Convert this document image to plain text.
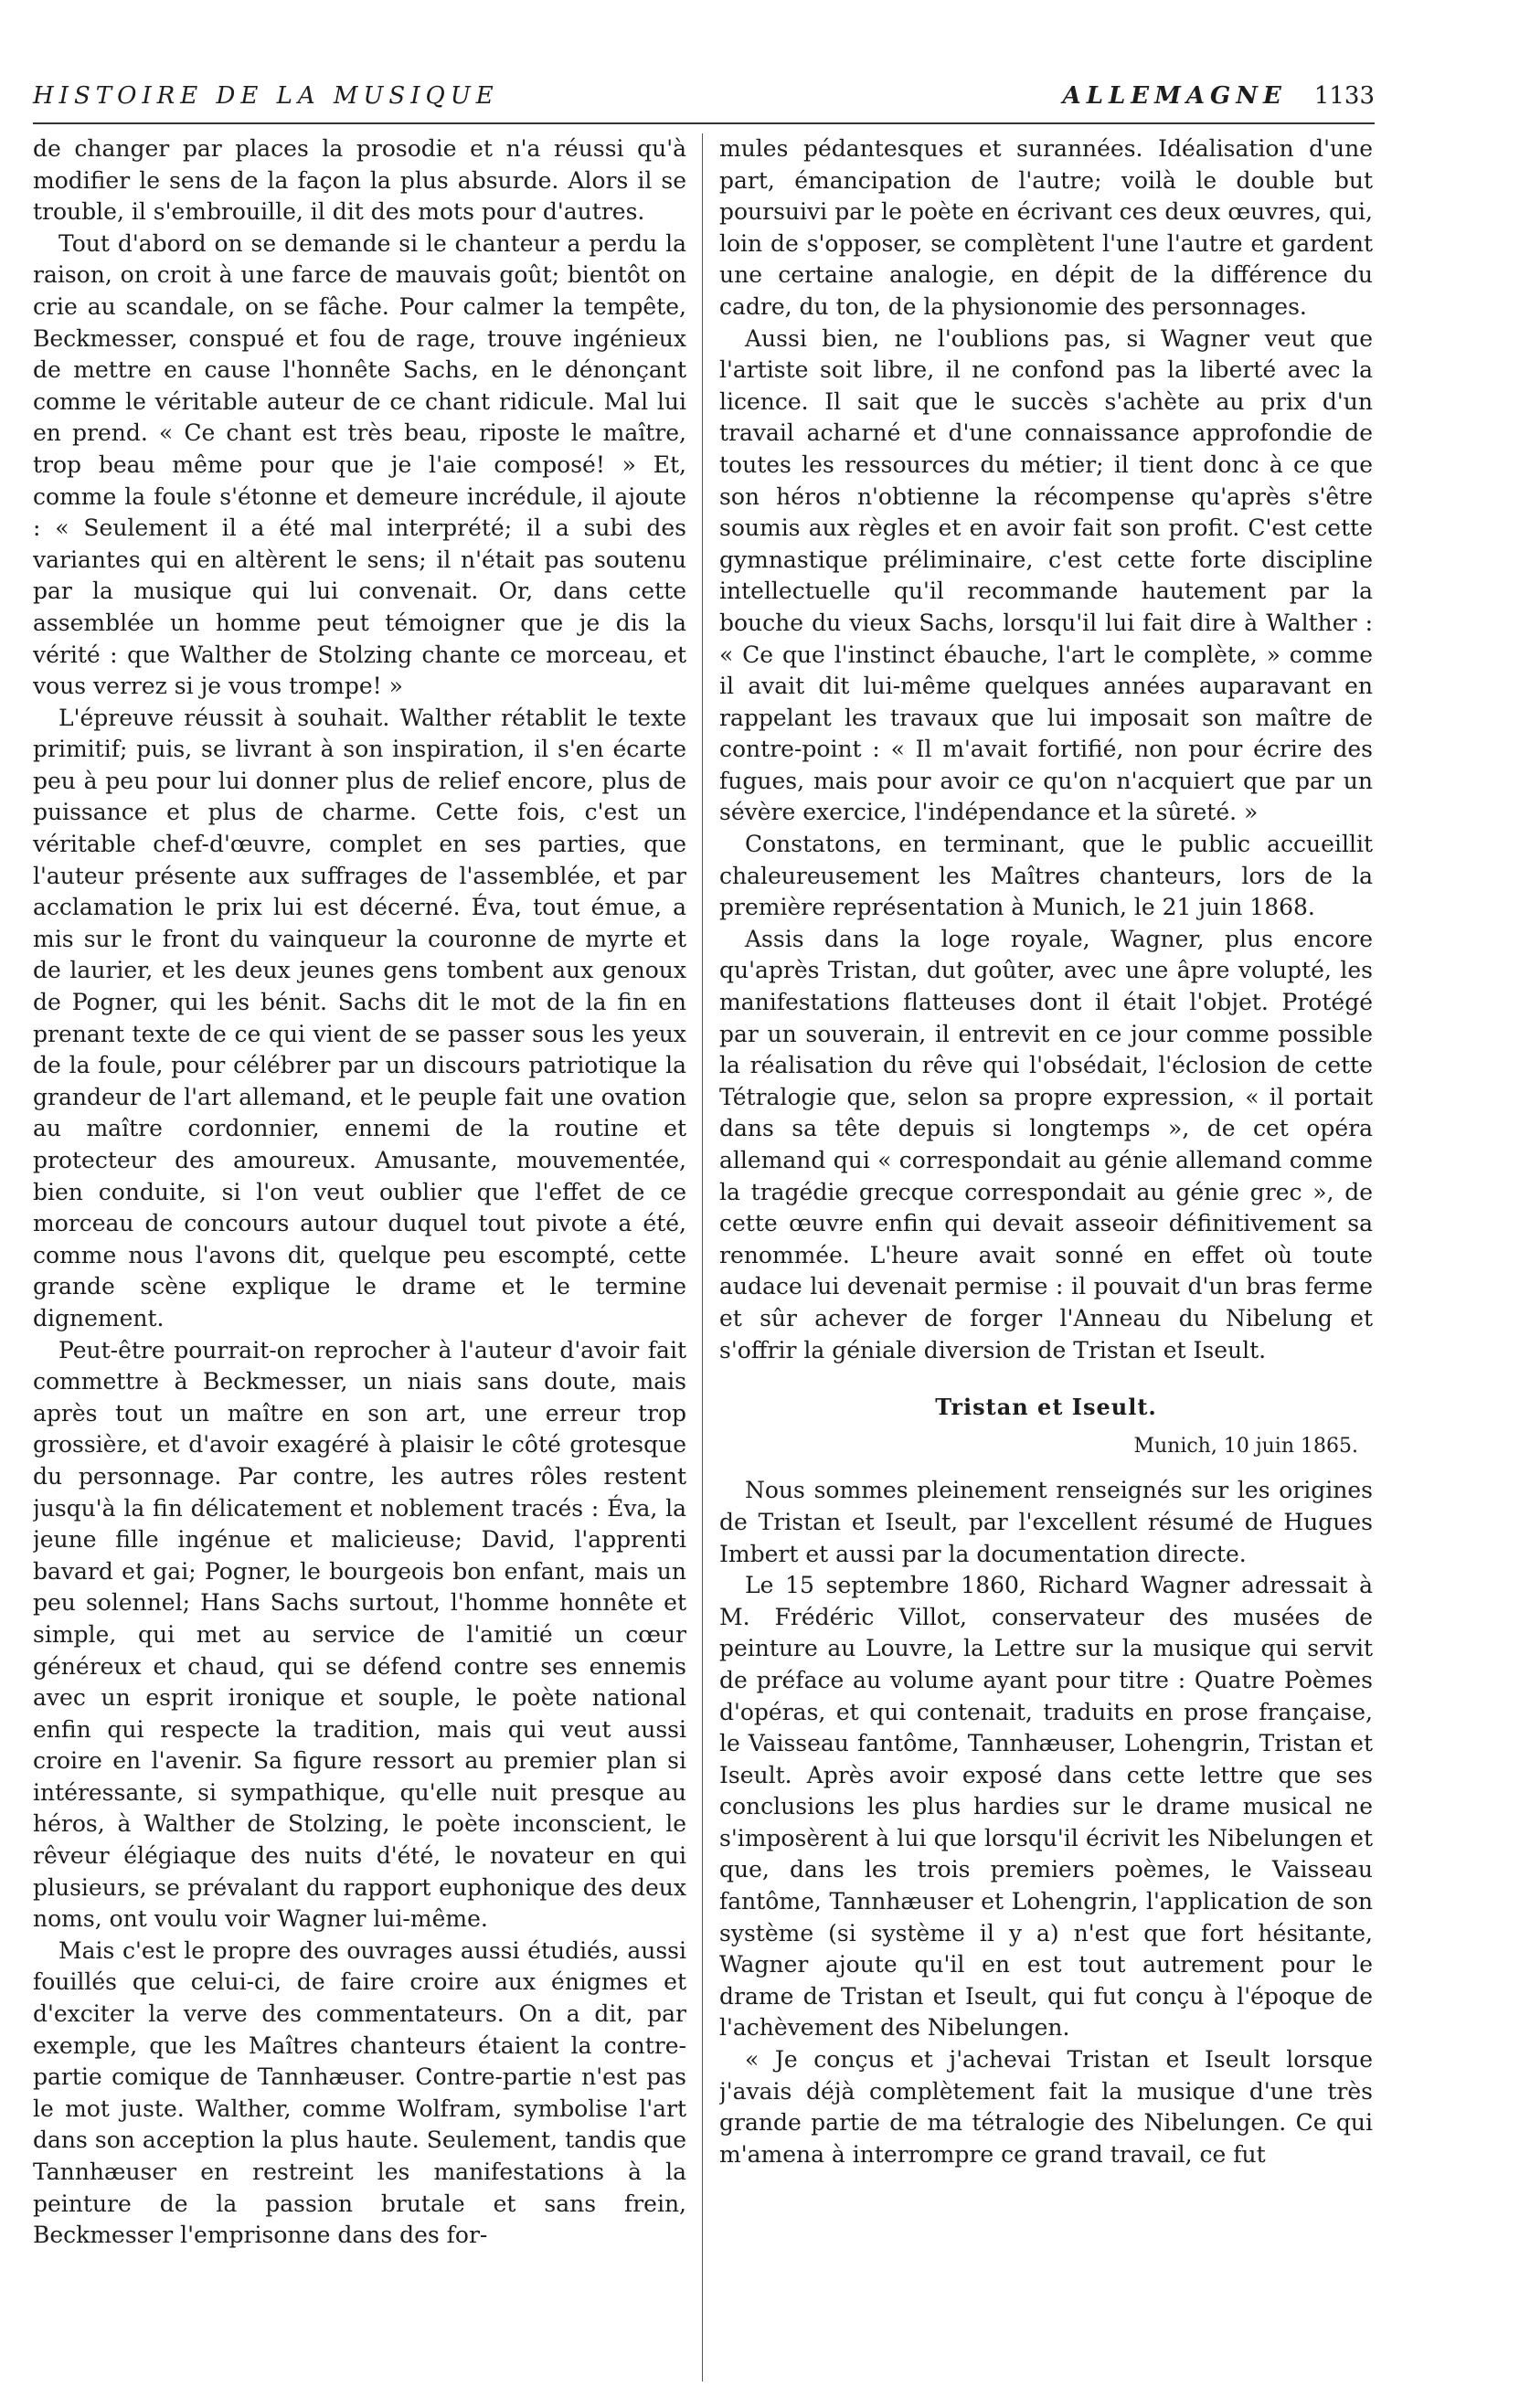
HISTOIRE DE LA MUSIQUE	ALLEMAGNE 1133

de changer par places la prosodie et n'a réussi qu'à modifier le sens de la façon la plus absurde. Alors il se trouble, il s'embrouille, il dit des mots pour d'autres.

Tout d'abord on se demande si le chanteur a perdu la raison, on croit à une farce de mauvais goût; bientôt on crie au scandale, on se fâche. Pour calmer la tempête, Beckmesser, conspué et fou de rage, trouve ingénieux de mettre en cause l'honnête Sachs, en le dénonçant comme le véritable auteur de ce chant ridicule. Mal lui en prend. « Ce chant est très beau, riposte le maître, trop beau même pour que je l'aie composé! » Et, comme la foule s'étonne et demeure incrédule, il ajoute : « Seulement il a été mal interprété; il a subi des variantes qui en altèrent le sens; il n'était pas soutenu par la musique qui lui convenait. Or, dans cette assemblée un homme peut témoigner que je dis la vérité : que Walther de Stolzing chante ce morceau, et vous verrez si je vous trompe! »

L'épreuve réussit à souhait. Walther rétablit le texte primitif; puis, se livrant à son inspiration, il s'en écarte peu à peu pour lui donner plus de relief encore, plus de puissance et plus de charme. Cette fois, c'est un véritable chef-d'œuvre, complet en ses parties, que l'auteur présente aux suffrages de l'assemblée, et par acclamation le prix lui est décerné. Éva, tout émue, a mis sur le front du vainqueur la couronne de myrte et de laurier, et les deux jeunes gens tombent aux genoux de Pogner, qui les bénit. Sachs dit le mot de la fin en prenant texte de ce qui vient de se passer sous les yeux de la foule, pour célébrer par un discours patriotique la grandeur de l'art allemand, et le peuple fait une ovation au maître cordonnier, ennemi de la routine et protecteur des amoureux. Amusante, mouvementée, bien conduite, si l'on veut oublier que l'effet de ce morceau de concours autour duquel tout pivote a été, comme nous l'avons dit, quelque peu escompté, cette grande scène explique le drame et le termine dignement.

Peut-être pourrait-on reprocher à l'auteur d'avoir fait commettre à Beckmesser, un niais sans doute, mais après tout un maître en son art, une erreur trop grossière, et d'avoir exagéré à plaisir le côté grotesque du personnage. Par contre, les autres rôles restent jusqu'à la fin délicatement et noblement tracés : Éva, la jeune fille ingénue et malicieuse; David, l'apprenti bavard et gai; Pogner, le bourgeois bon enfant, mais un peu solennel; Hans Sachs surtout, l'homme honnête et simple, qui met au service de l'amitié un cœur généreux et chaud, qui se défend contre ses ennemis avec un esprit ironique et souple, le poète national enfin qui respecte la tradition, mais qui veut aussi croire en l'avenir. Sa figure ressort au premier plan si intéressante, si sympathique, qu'elle nuit presque au héros, à Walther de Stolzing, le poète inconscient, le rêveur élégiaque des nuits d'été, le novateur en qui plusieurs, se prévalant du rapport euphonique des deux noms, ont voulu voir Wagner lui-même.

Mais c'est le propre des ouvrages aussi étudiés, aussi fouillés que celui-ci, de faire croire aux énigmes et d'exciter la verve des commentateurs. On a dit, par exemple, que les Maîtres chanteurs étaient la contre-partie comique de Tannhæuser. Contre-partie n'est pas le mot juste. Walther, comme Wolfram, symbolise l'art dans son acception la plus haute. Seulement, tandis que Tannhæuser en restreint les manifestations à la peinture de la passion brutale et sans frein, Beckmesser l'emprisonne dans des for-

mules pédantesques et surannées. Idéalisation d'une part, émancipation de l'autre; voilà le double but poursuivi par le poète en écrivant ces deux œuvres, qui, loin de s'opposer, se complètent l'une l'autre et gardent une certaine analogie, en dépit de la différence du cadre, du ton, de la physionomie des personnages.

Aussi bien, ne l'oublions pas, si Wagner veut que l'artiste soit libre, il ne confond pas la liberté avec la licence. Il sait que le succès s'achète au prix d'un travail acharné et d'une connaissance approfondie de toutes les ressources du métier; il tient donc à ce que son héros n'obtienne la récompense qu'après s'être soumis aux règles et en avoir fait son profit. C'est cette gymnastique préliminaire, c'est cette forte discipline intellectuelle qu'il recommande hautement par la bouche du vieux Sachs, lorsqu'il lui fait dire à Walther : « Ce que l'instinct ébauche, l'art le complète, » comme il avait dit lui-même quelques années auparavant en rappelant les travaux que lui imposait son maître de contre-point : « Il m'avait fortifié, non pour écrire des fugues, mais pour avoir ce qu'on n'acquiert que par un sévère exercice, l'indépendance et la sûreté. »

Constatons, en terminant, que le public accueillit chaleureusement les Maîtres chanteurs, lors de la première représentation à Munich, le 21 juin 1868.

Assis dans la loge royale, Wagner, plus encore qu'après Tristan, dut goûter, avec une âpre volupté, les manifestations flatteuses dont il était l'objet. Protégé par un souverain, il entrevit en ce jour comme possible la réalisation du rêve qui l'obsédait, l'éclosion de cette Tétralogie que, selon sa propre expression, « il portait dans sa tête depuis si longtemps », de cet opéra allemand qui « correspondait au génie allemand comme la tragédie grecque correspondait au génie grec », de cette œuvre enfin qui devait asseoir définitivement sa renommée. L'heure avait sonné en effet où toute audace lui devenait permise : il pouvait d'un bras ferme et sûr achever de forger l'Anneau du Nibelung et s'offrir la géniale diversion de Tristan et Iseult.

Tristan et Iseult.
Munich, 10 juin 1865.

Nous sommes pleinement renseignés sur les origines de Tristan et Iseult, par l'excellent résumé de Hugues Imbert et aussi par la documentation directe.

Le 15 septembre 1860, Richard Wagner adressait à M. Frédéric Villot, conservateur des musées de peinture au Louvre, la Lettre sur la musique qui servit de préface au volume ayant pour titre : Quatre Poèmes d'opéras, et qui contenait, traduits en prose française, le Vaisseau fantôme, Tannhæuser, Lohengrin, Tristan et Iseult. Après avoir exposé dans cette lettre que ses conclusions les plus hardies sur le drame musical ne s'imposèrent à lui que lorsqu'il écrivit les Nibelungen et que, dans les trois premiers poèmes, le Vaisseau fantôme, Tannhæuser et Lohengrin, l'application de son système (si système il y a) n'est que fort hésitante, Wagner ajoute qu'il en est tout autrement pour le drame de Tristan et Iseult, qui fut conçu à l'époque de l'achèvement des Nibelungen.

« Je conçus et j'achevai Tristan et Iseult lorsque j'avais déjà complètement fait la musique d'une très grande partie de ma tétralogie des Nibelungen. Ce qui m'amena à interrompre ce grand travail, ce fut
